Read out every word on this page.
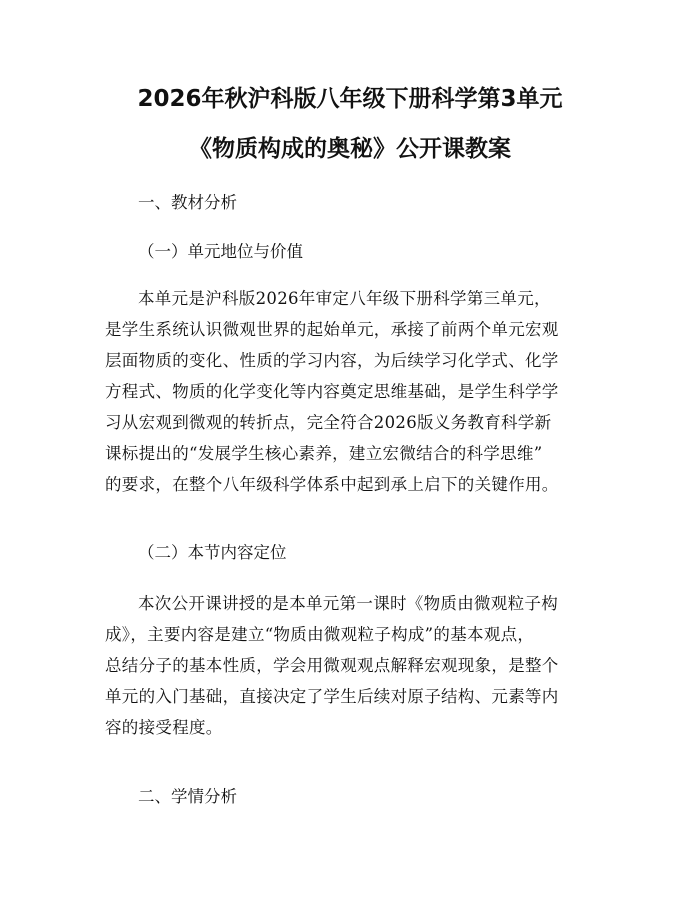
2026年秋沪科版八年级下册科学第3单元
《物质构成的奥秘》公开课教案
一、教材分析
（一）单元地位与价值
本单元是沪科版2026年审定八年级下册科学第三单元，
是学生系统认识微观世界的起始单元，承接了前两个单元宏观
层面物质的变化、性质的学习内容，为后续学习化学式、化学
方程式、物质的化学变化等内容奠定思维基础，是学生科学学
习从宏观到微观的转折点，完全符合2026版义务教育科学新
课标提出的“发展学生核心素养，建立宏微结合的科学思维”
的要求，在整个八年级科学体系中起到承上启下的关键作用。
（二）本节内容定位
本次公开课讲授的是本单元第一课时《物质由微观粒子构
成》，主要内容是建立“物质由微观粒子构成”的基本观点，
总结分子的基本性质，学会用微观观点解释宏观现象，是整个
单元的入门基础，直接决定了学生后续对原子结构、元素等内
容的接受程度。
二、学情分析
